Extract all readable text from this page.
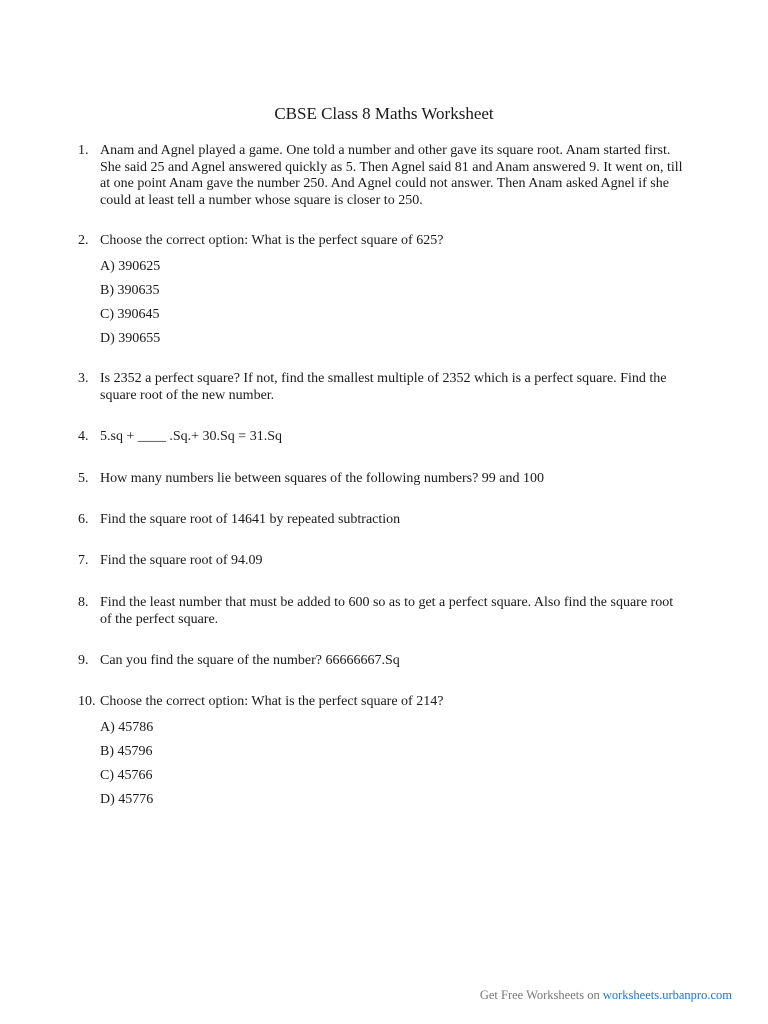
CBSE Class 8 Maths Worksheet
1. Anam and Agnel played a game. One told a number and other gave its square root. Anam started first. She said 25 and Agnel answered quickly as 5. Then Agnel said 81 and Anam answered 9. It went on, till at one point Anam gave the number 250. And Agnel could not answer. Then Anam asked Agnel if she could at least tell a number whose square is closer to 250.
2. Choose the correct option: What is the perfect square of 625?
A) 390625
B) 390635
C) 390645
D) 390655
3. Is 2352 a perfect square? If not, find the smallest multiple of 2352 which is a perfect square. Find the square root of the new number.
4. 5.sq + ____ .Sq.+ 30.Sq = 31.Sq
5. How many numbers lie between squares of the following numbers? 99 and 100
6. Find the square root of 14641 by repeated subtraction
7. Find the square root of 94.09
8. Find the least number that must be added to 600 so as to get a perfect square. Also find the square root of the perfect square.
9. Can you find the square of the number? 66666667.Sq
10. Choose the correct option: What is the perfect square of 214?
A) 45786
B) 45796
C) 45766
D) 45776
Get Free Worksheets on worksheets.urbanpro.com
